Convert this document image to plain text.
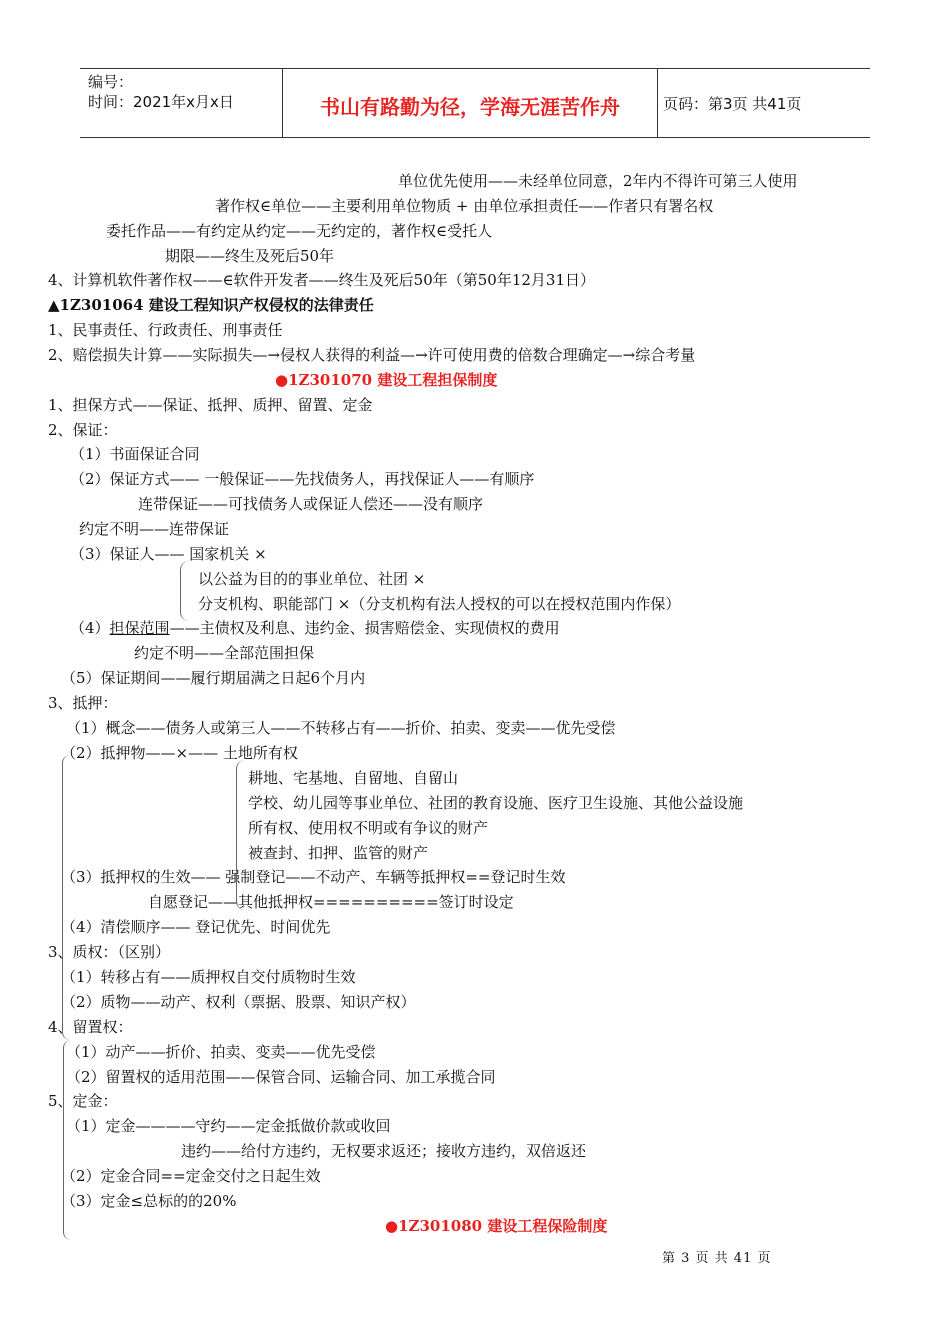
编号：
时间：2021年x月x日	书山有路勤为径，学海无涯苦作舟	页码：第3页 共41页
单位优先使用——未经单位同意，2年内不得许可第三人使用
著作权∈单位——主要利用单位物质 + 由单位承担责任——作者只有署名权
委托作品——有约定从约定——无约定的，著作权∈受托人
期限——终生及死后50年
4、计算机软件著作权——∈软件开发者——终生及死后50年（第50年12月31日）
▲1Z301064 建设工程知识产权侵权的法律责任
1、民事责任、行政责任、刑事责任
2、赔偿损失计算——实际损失—→侵权人获得的利益—→许可使用费的倍数合理确定—→综合考量
●1Z301070 建设工程担保制度
1、担保方式——保证、抵押、质押、留置、定金
2、保证：
（1）书面保证合同
（2）保证方式—— 一般保证——先找债务人，再找保证人——有顺序
连带保证——可找债务人或保证人偿还——没有顺序
约定不明——连带保证
（3）保证人—— 国家机关 ×
以公益为目的的事业单位、社团 ×
分支机构、职能部门 ×（分支机构有法人授权的可以在授权范围内作保）
（4）担保范围——主债权及利息、违约金、损害赔偿金、实现债权的费用
约定不明——全部范围担保
（5）保证期间——履行期届满之日起6个月内
3、抵押：
（1）概念——债务人或第三人——不转移占有——折价、拍卖、变卖——优先受偿
（2）抵押物——×—— 土地所有权
耕地、宅基地、自留地、自留山
学校、幼儿园等事业单位、社团的教育设施、医疗卫生设施、其他公益设施
所有权、使用权不明或有争议的财产
被查封、扣押、监管的财产
（3）抵押权的生效—— 强制登记——不动产、车辆等抵押权==登记时生效
自愿登记——其他抵押权==========签订时设定
（4）清偿顺序—— 登记优先、时间优先
3、质权：（区别）
（1）转移占有——质押权自交付质物时生效
（2）质物——动产、权利（票据、股票、知识产权）
4、留置权：
（1）动产——折价、拍卖、变卖——优先受偿
（2）留置权的适用范围——保管合同、运输合同、加工承揽合同
5、定金：
（1）定金————守约——定金抵做价款或收回
违约——给付方违约，无权要求返还；接收方违约，双倍返还
（2）定金合同==定金交付之日起生效
（3）定金≤总标的的20%
●1Z301080 建设工程保险制度
第 3 页 共 41 页
